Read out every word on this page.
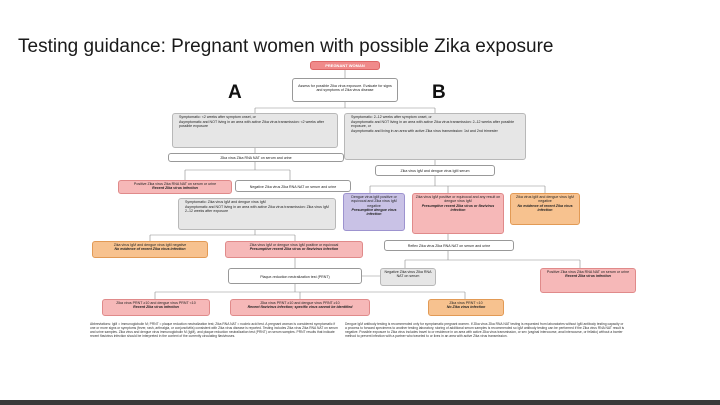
Testing guidance: Pregnant women with possible Zika exposure
PREGNANT WOMAN
Assess for possible Zika virus exposure. Evaluate for signs and symptoms of Zika virus disease
A	B
• Symptomatic: <2 weeks after symptom onset, or
• Asymptomatic and NOT living in an area with active Zika virus transmission: <2 weeks after possible exposure
• Symptomatic: 2–12 weeks after symptom onset, or
• Asymptomatic and NOT living in an area with active Zika virus transmission: 2–12 weeks after possible exposure, or
• Asymptomatic and living in an area with active Zika virus transmission: 1st and 2nd trimester
Zika virus Zika RNA NAT on serum and urine
Zika virus IgM and dengue virus IgM serum
Positive Zika virus Zika RNA NAT on serum or urine
Recent Zika virus infection	Negative Zika virus Zika RNA NAT on serum and urine
• Symptomatic: Zika virus IgM and dengue virus IgM
• Asymptomatic and NOT living in an area with active Zika virus transmission: Zika virus IgM 2–12 weeks after exposure
Dengue virus IgM positive or equivocal and Zika virus IgM negative
Presumptive dengue virus infection
Zika virus IgM positive or equivocal and any result on dengue virus IgM
Presumptive recent Zika virus or flavivirus infection
Zika virus IgM and dengue virus IgM negative
No evidence of recent Zika virus infection
Zika virus IgM and dengue virus IgM negative
No evidence of recent Zika virus infection
Zika virus IgM or dengue virus IgM positive or equivocal
Presumptive recent Zika virus or flavivirus infection
Reflex Zika virus Zika RNA NAT on serum and urine
Plaque-reduction neutralization test (PRNT)
Negative Zika virus Zika RNA NAT on serum
Positive Zika virus Zika RNA NAT on serum or urine
Recent Zika virus infection
Zika virus PRNT ≥10 and dengue virus PRNT <10
Recent Zika virus infection
Zika virus PRNT ≥10 and dengue virus PRNT ≥10
Recent flavivirus infection; specific virus cannot be identified
Zika virus PRNT <10
No Zika virus infection
Abbreviations: IgM = immunoglobulin M; PRNT = plaque reduction neutralization test; Zika RNA NAT = nucleic acid test. A pregnant woman is considered symptomatic if one or more signs or symptoms (fever, rash, arthralgia, or conjunctivitis) consistent with Zika virus disease is reported. Testing includes Zika virus Zika RNA NAT on serum and urine samples. Zika virus and dengue virus immunoglobulin M (IgM), and plaque reduction neutralization test (PRNT) on serum samples. PRNT results that indicate recent flavivirus infection should be interpreted in the context of the currently circulating flaviviruses.
Dengue IgM antibody testing is recommended only for symptomatic pregnant women. If Zika virus Zika RNA NAT testing is requested from laboratories without IgM antibody testing capacity or a process to forward specimens to another testing laboratory, storing of additional serum samples is recommended so IgM antibody testing can be performed if the Zika virus RNA NAT result is negative. Possible exposure to Zika virus includes travel to or residence in an area with active Zika virus transmission, or sex (vaginal intercourse, anal intercourse, or fellatio) without a barrier method to prevent infection with a partner who traveled to or lives in an area with active Zika virus transmission.
